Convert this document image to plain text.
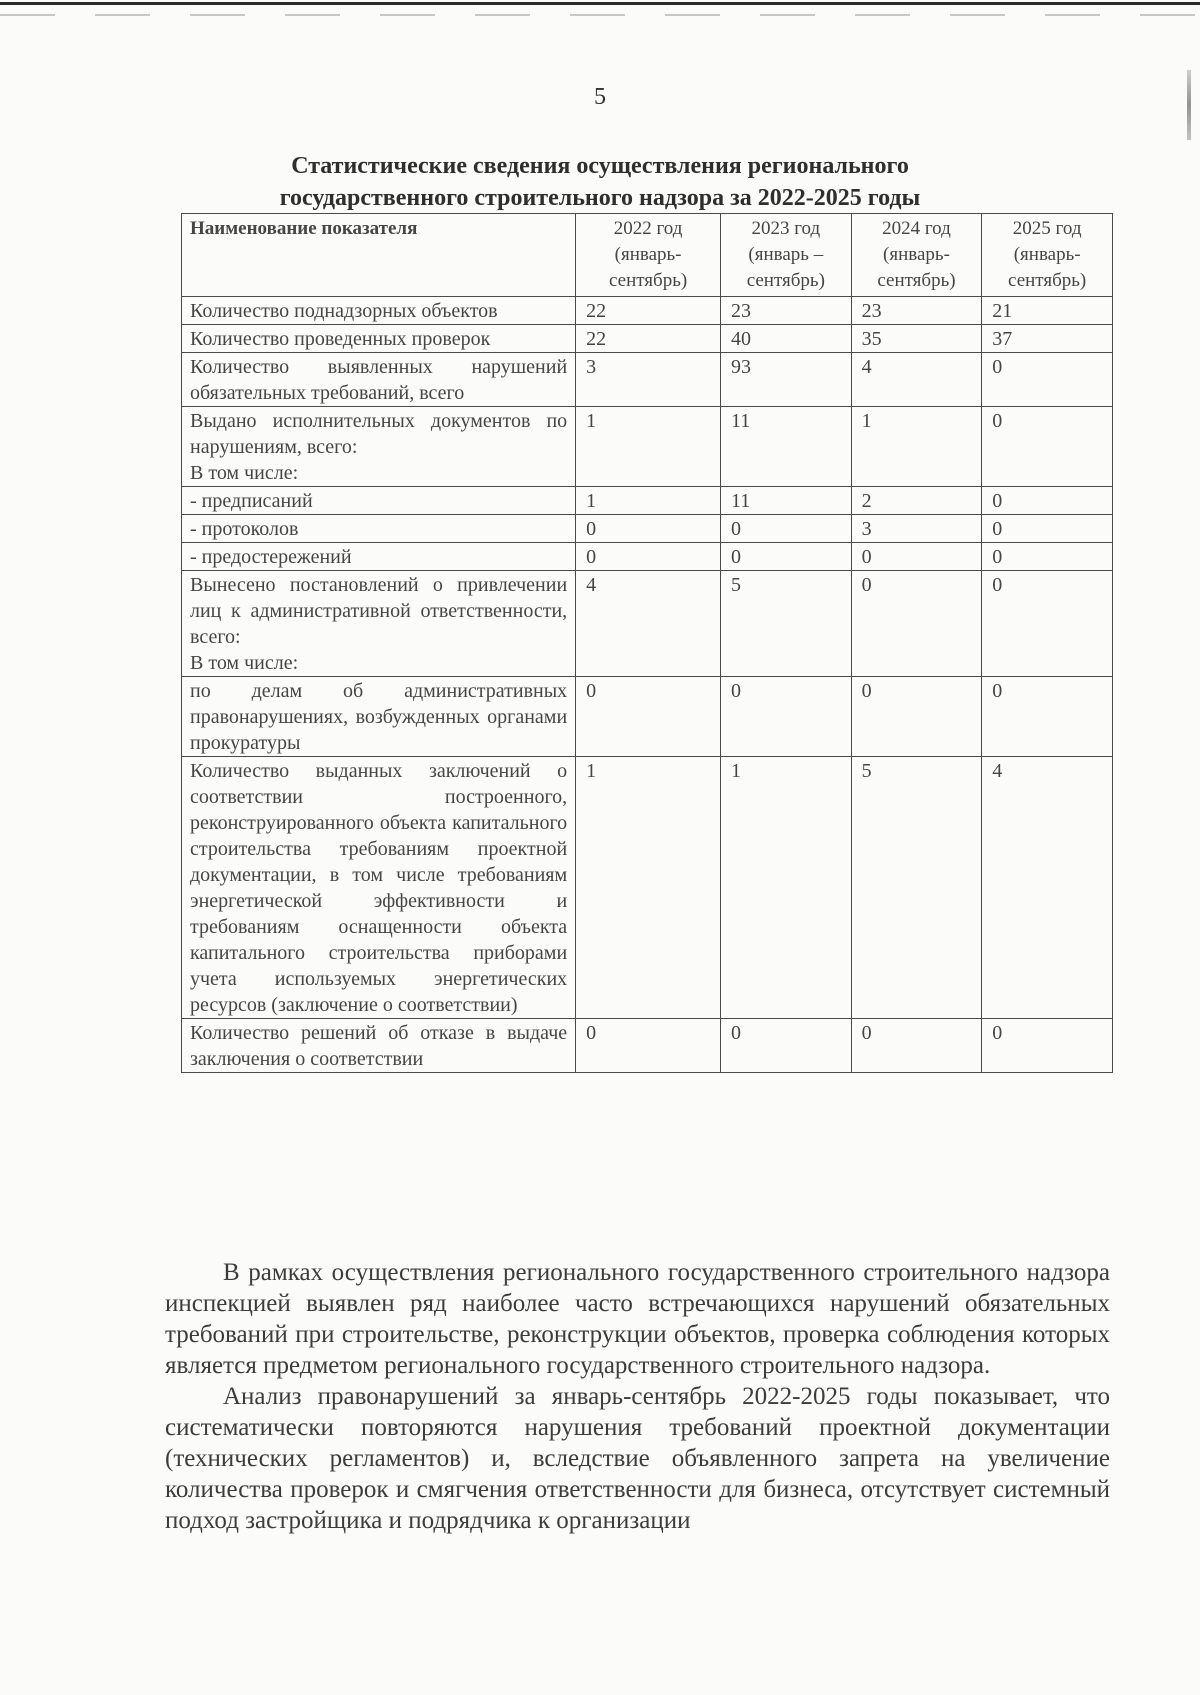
5
Статистические сведения осуществления регионального
государственного строительного надзора за 2022-2025 годы
Наименование показателя	2022 год (январь-сентябрь)	2023 год (январь – сентябрь)	2024 год (январь-сентябрь)	2025 год (январь-сентябрь)
Количество поднадзорных объектов	22	23	23	21
Количество проведенных проверок	22	40	35	37
Количество выявленных нарушений обязательных требований, всего	3	93	4	0

Выдано исполнительных документов по нарушениям, всего:
В том числе:	1	11	1	0
- предписаний	1	11	2	0
- протоколов	0	0	3	0
- предостережений	0	0	0	0

Вынесено постановлений о привлечении лиц к административной ответственности, всего:
В том числе:	4	5	0	0
по делам об административных правонарушениях, возбужденных органами прокуратуры	0	0	0	0
Количество выданных заключений о соответствии построенного, реконструированного объекта капитального строительства требованиям проектной документации, в том числе требованиям энергетической эффективности и требованиям оснащенности объекта капитального строительства приборами учета используемых энергетических ресурсов (заключение о соответствии)	1	1	5	4
Количество решений об отказе в выдаче заключения о соответствии	0	0	0	0

В рамках осуществления регионального государственного строительного надзора инспекцией выявлен ряд наиболее часто встречающихся нарушений обязательных требований при строительстве, реконструкции объектов, проверка соблюдения которых является предметом регионального государственного строительного надзора.

Анализ правонарушений за январь-сентябрь 2022-2025 годы показывает, что систематически повторяются нарушения требований проектной документации (технических регламентов) и, вследствие объявленного запрета на увеличение количества проверок и смягчения ответственности для бизнеса, отсутствует системный подход застройщика и подрядчика к организации
